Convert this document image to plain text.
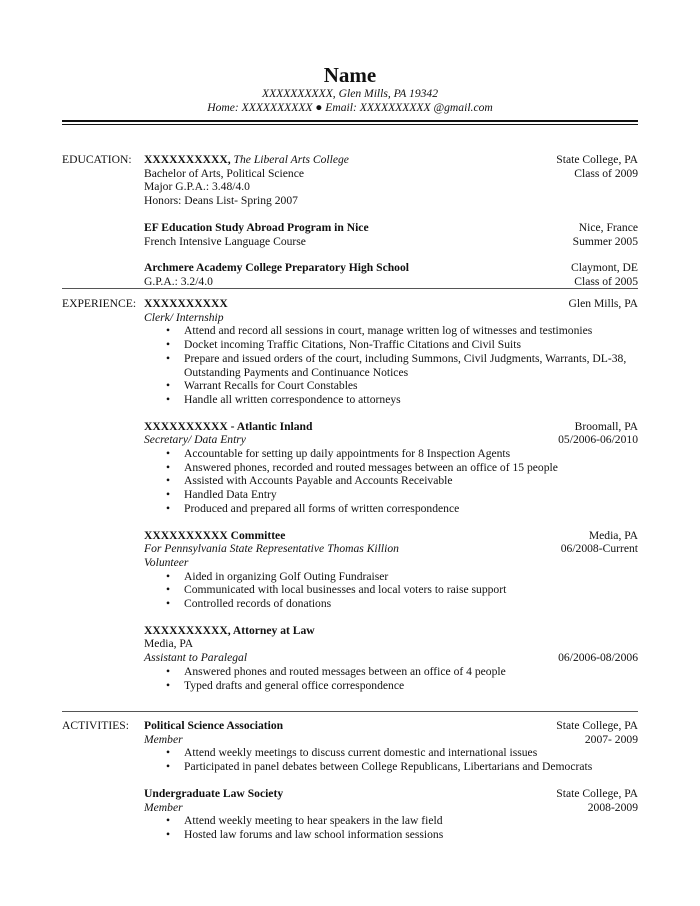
Name
XXXXXXXXXX, Glen Mills, PA 19342
Home: XXXXXXXXXX ● Email: XXXXXXXXXX @gmail.com
EDUCATION: XXXXXXXXXX, The Liberal Arts College	State College, PA
Bachelor of Arts, Political Science	Class of 2009
Major G.P.A.: 3.48/4.0
Honors: Deans List- Spring 2007
EF Education Study Abroad Program in Nice	Nice, France
French Intensive Language Course	Summer 2005
Archmere Academy College Preparatory High School	Claymont, DE
G.P.A.: 3.2/4.0	Class of 2005
EXPERIENCE: XXXXXXXXXX	Glen Mills, PA
Clerk/ Internship
• Attend and record all sessions in court, manage written log of witnesses and testimonies
• Docket incoming Traffic Citations, Non-Traffic Citations and Civil Suits
• Prepare and issued orders of the court, including Summons, Civil Judgments, Warrants, DL-38, Outstanding Payments and Continuance Notices
• Warrant Recalls for Court Constables
• Handle all written correspondence to attorneys
XXXXXXXXXX - Atlantic Inland	Broomall, PA
Secretary/ Data Entry	05/2006-06/2010
• Accountable for setting up daily appointments for 8 Inspection Agents
• Answered phones, recorded and routed messages between an office of 15 people
• Assisted with Accounts Payable and Accounts Receivable
• Handled Data Entry
• Produced and prepared all forms of written correspondence
XXXXXXXXXX Committee	Media, PA
For Pennsylvania State Representative Thomas Killion	06/2008-Current
Volunteer
• Aided in organizing Golf Outing Fundraiser
• Communicated with local businesses and local voters to raise support
• Controlled records of donations
XXXXXXXXXX, Attorney at Law
Media, PA
Assistant to Paralegal	06/2006-08/2006
• Answered phones and routed messages between an office of 4 people
• Typed drafts and general office correspondence
ACTIVITIES: Political Science Association	State College, PA
Member	2007- 2009
• Attend weekly meetings to discuss current domestic and international issues
• Participated in panel debates between College Republicans, Libertarians and Democrats
Undergraduate Law Society	State College, PA
Member	2008-2009
• Attend weekly meeting to hear speakers in the law field
• Hosted law forums and law school information sessions
